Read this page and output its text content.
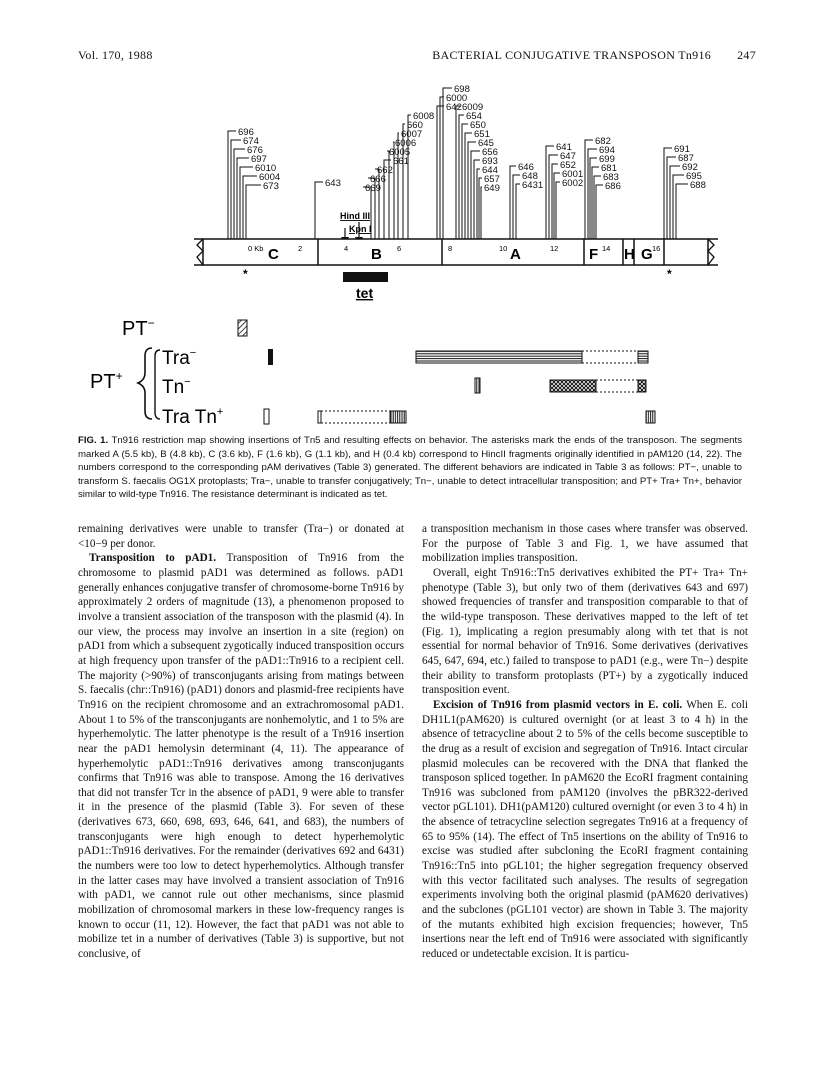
Vol. 170, 1988	BACTERIAL CONJUGATIVE TRANSPOSON Tn916 247
696
674
676
697
6010
6004
673	643
698
6000
642
6008
660
6007
6006
6005
661
662
666
669
6009
654
650
651
645
656
693
644
657
649
646
648
6431
641
647
652
6001
6002
682
694
699
681
683
686
691
687
692
695
688
Hind III
Kpn I
C	B	A	F H G
0 Kb	2	4	6	8	10	12	14	16
*	*
tet
PT−
PT+
Tra−
Tn−
Tra Tn+
FIG. 1. Tn916 restriction map showing insertions of Tn5 and resulting effects on behavior. The asterisks mark the ends of the transposon. The segments marked A (5.5 kb), B (4.8 kb), C (3.6 kb), F (1.6 kb), G (1.1 kb), and H (0.4 kb) correspond to HincII fragments originally identified in pAM120 (14, 22). The numbers correspond to the corresponding pAM derivatives (Table 3) generated. The different behaviors are indicated in Table 3 as follows: PT−, unable to transform S. faecalis OG1X protoplasts; Tra−, unable to transfer conjugatively; Tn−, unable to detect intracellular transposition; and PT+ Tra+ Tn+, behavior similar to wild-type Tn916. The resistance determinant is indicated as tet.

remaining derivatives were unable to transfer (Tra−) or donated at <10−9 per donor.

Transposition to pAD1. Transposition of Tn916 from the chromosome to plasmid pAD1 was determined as follows. pAD1 generally enhances conjugative transfer of chromosome-borne Tn916 by approximately 2 orders of magnitude (13), a phenomenon proposed to involve a transient association of the transposon with the plasmid (4). In our view, the process may involve an insertion in a site (region) on pAD1 from which a subsequent zygotically induced transposition occurs at high frequency upon transfer of the pAD1::Tn916 to a recipient cell. The majority (>90%) of transconjugants arising from matings between S. faecalis (chr::Tn916) (pAD1) donors and plasmid-free recipients have Tn916 on the recipient chromosome and an extrachromosomal pAD1. About 1 to 5% of the transconjugants are nonhemolytic, and 1 to 5% are hyperhemolytic. The latter phenotype is the result of a Tn916 insertion near the pAD1 hemolysin determinant (4, 11). The appearance of hyperhemolytic pAD1::Tn916 derivatives among transconjugants confirms that Tn916 was able to transpose. Among the 16 derivatives that did not transfer Tcr in the absence of pAD1, 9 were able to transfer it in the presence of the plasmid (Table 3). For seven of these (derivatives 673, 660, 698, 693, 646, 641, and 683), the numbers of transconjugants were high enough to detect hyperhemolytic pAD1::Tn916 derivatives. For the remainder (derivatives 692 and 6431) the numbers were too low to detect hyperhemolytics. Although transfer in the latter cases may have involved a transient association of Tn916 with pAD1, we cannot rule out other mechanisms, since plasmid mobilization of chromosomal markers in these low-frequency ranges is known to occur (11, 12). However, the fact that pAD1 was not able to mobilize tet in a number of derivatives (Table 3) is supportive, but not conclusive, of

a transposition mechanism in those cases where transfer was observed. For the purpose of Table 3 and Fig. 1, we have assumed that mobilization implies transposition.

Overall, eight Tn916::Tn5 derivatives exhibited the PT+ Tra+ Tn+ phenotype (Table 3), but only two of them (derivatives 643 and 697) showed frequencies of transfer and transposition comparable to that of the wild-type transposon. These derivatives mapped to the left of tet (Fig. 1), implicating a region presumably along with tet that is not essential for normal behavior of Tn916. Some derivatives (derivatives 645, 647, 694, etc.) failed to transpose to pAD1 (e.g., were Tn−) despite their ability to transform protoplasts (PT+) by a zygotically induced transposition event.

Excision of Tn916 from plasmid vectors in E. coli. When E. coli DH1L1(pAM620) is cultured overnight (or at least 3 to 4 h) in the absence of tetracycline about 2 to 5% of the cells become susceptible to the drug as a result of excision and segregation of Tn916. Intact circular plasmid molecules can be recovered with the DNA that flanked the transposon spliced together. In pAM620 the EcoRI fragment containing Tn916 was subcloned from pAM120 (involves the pBR322-derived vector pGL101). DH1(pAM120) cultured overnight (or even 3 to 4 h) in the absence of tetracycline selection segregates Tn916 at a frequency of 65 to 95% (14). The effect of Tn5 insertions on the ability of Tn916 to excise was studied after subcloning the EcoRI fragment containing Tn916::Tn5 into pGL101; the higher segregation frequency observed with this vector facilitated such analyses. The results of segregation experiments involving both the original plasmid (pAM620 derivatives) and the subclones (pGL101 vector) are shown in Table 3. The majority of the mutants exhibited high excision frequencies; however, Tn5 insertions near the left end of Tn916 were associated with significantly reduced or undetectable excision. It is particu-
